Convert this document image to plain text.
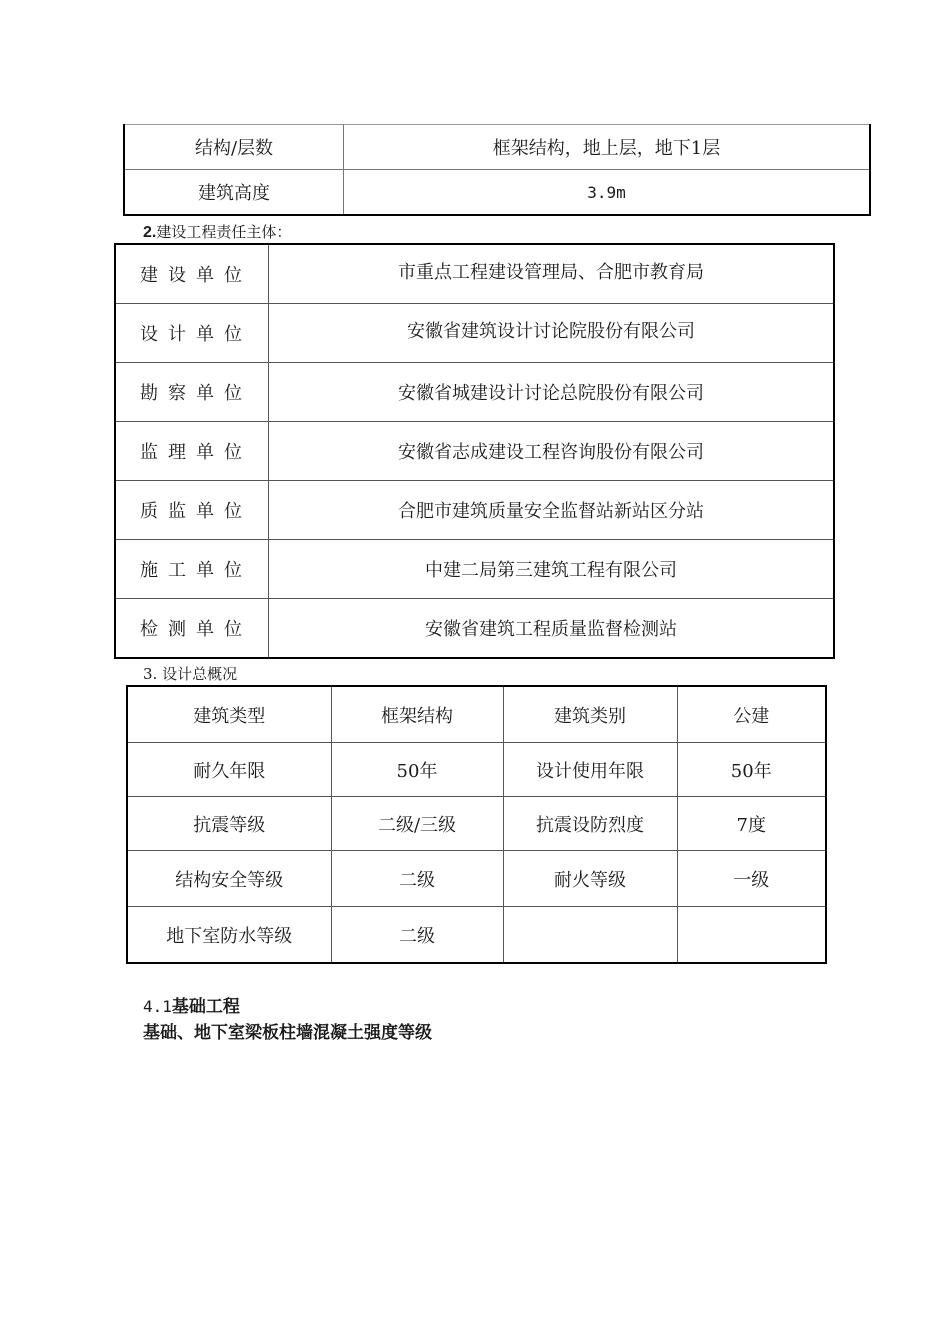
结构/层数	框架结构，地上层，地下1层
建筑高度	3.9m
2.建设工程责任主体：
建设单位	市重点工程建设管理局、合肥市教育局
设计单位	安徽省建筑设计讨论院股份有限公司
勘察单位	安徽省城建设计讨论总院股份有限公司
监理单位	安徽省志成建设工程咨询股份有限公司
质监单位	合肥市建筑质量安全监督站新站区分站
施工单位	中建二局第三建筑工程有限公司
检测单位	安徽省建筑工程质量监督检测站
3. 设计总概况
建筑类型	框架结构	建筑类别	公建
耐久年限	50年	设计使用年限	50年
抗震等级	二级/三级	抗震设防烈度	7度
结构安全等级	二级	耐火等级	一级
地下室防水等级	二级		
4.1基础工程
基础、地下室梁板柱墙混凝土强度等级
